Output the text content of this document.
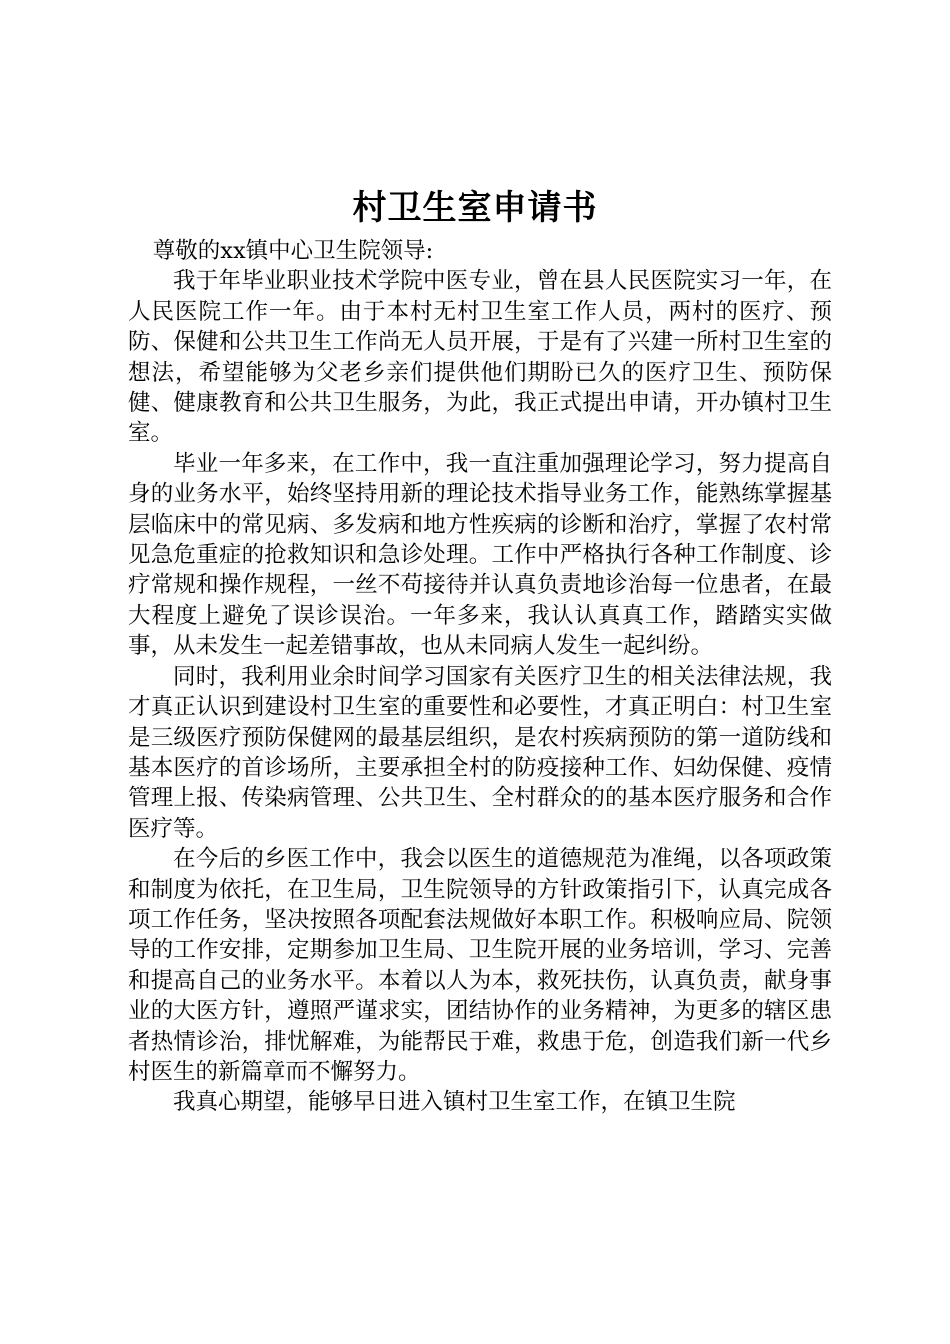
村卫生室申请书

尊敬的xx镇中心卫生院领导:

我于年毕业职业技术学院中医专业，曾在县人民医院实习一年，在人民医院工作一年。由于本村无村卫生室工作人员，两村的医疗、预防、保健和公共卫生工作尚无人员开展，于是有了兴建一所村卫生室的想法，希望能够为父老乡亲们提供他们期盼已久的医疗卫生、预防保健、健康教育和公共卫生服务，为此，我正式提出申请，开办镇村卫生室。

毕业一年多来，在工作中，我一直注重加强理论学习，努力提高自身的业务水平，始终坚持用新的理论技术指导业务工作，能熟练掌握基层临床中的常见病、多发病和地方性疾病的诊断和治疗，掌握了农村常见急危重症的抢救知识和急诊处理。工作中严格执行各种工作制度、诊疗常规和操作规程，一丝不苟接待并认真负责地诊治每一位患者，在最大程度上避免了误诊误治。一年多来，我认认真真工作，踏踏实实做事，从未发生一起差错事故，也从未同病人发生一起纠纷。

同时，我利用业余时间学习国家有关医疗卫生的相关法律法规，我才真正认识到建设村卫生室的重要性和必要性，才真正明白：村卫生室是三级医疗预防保健网的最基层组织，是农村疾病预防的第一道防线和基本医疗的首诊场所，主要承担全村的防疫接种工作、妇幼保健、疫情管理上报、传染病管理、公共卫生、全村群众的的基本医疗服务和合作医疗等。

在今后的乡医工作中，我会以医生的道德规范为准绳，以各项政策和制度为依托，在卫生局，卫生院领导的方针政策指引下，认真完成各项工作任务，坚决按照各项配套法规做好本职工作。积极响应局、院领导的工作安排，定期参加卫生局、卫生院开展的业务培训，学习、完善和提高自己的业务水平。本着以人为本，救死扶伤，认真负责，献身事业的大医方针，遵照严谨求实，团结协作的业务精神，为更多的辖区患者热情诊治，排忧解难，为能帮民于难，救患于危，创造我们新一代乡村医生的新篇章而不懈努力。

我真心期望，能够早日进入镇村卫生室工作，在镇卫生院
